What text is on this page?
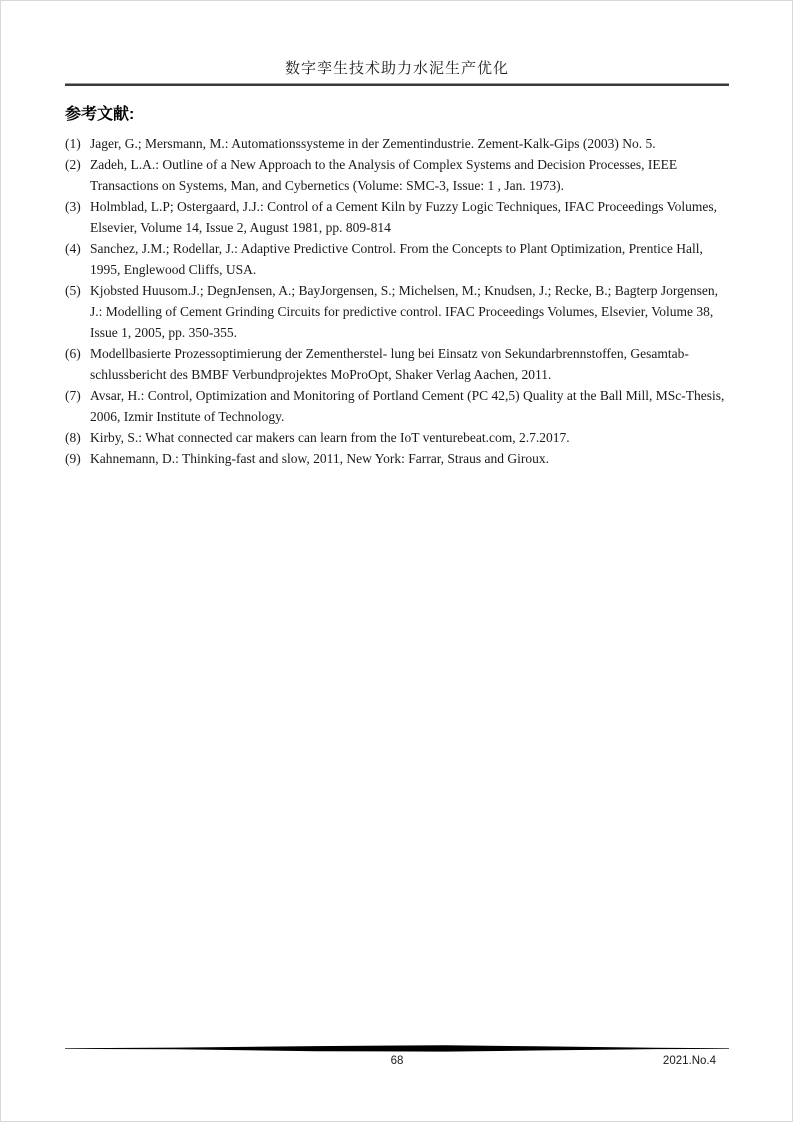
数字孪生技术助力水泥生产优化
参考文献:
(1) Jager, G.; Mersmann, M.: Automationssysteme in der Zementindustrie. Zement-Kalk-Gips (2003) No. 5.
(2) Zadeh, L.A.: Outline of a New Approach to the Analysis of Complex Systems and Decision Processes, IEEE Transactions on Systems, Man, and Cybernetics (Volume: SMC-3, Issue: 1 , Jan. 1973).
(3) Holmblad, L.P; Ostergaard, J.J.: Control of a Cement Kiln by Fuzzy Logic Techniques, IFAC Proceedings Volumes, Elsevier, Volume 14, Issue 2, August 1981, pp. 809-814
(4) Sanchez, J.M.; Rodellar, J.: Adaptive Predictive Control. From the Concepts to Plant Optimization, Prentice Hall, 1995, Englewood Cliffs, USA.
(5) Kjobsted Huusom.J.; DegnJensen, A.; BayJorgensen, S.; Michelsen, M.; Knudsen, J.; Recke, B.; Bagterp Jorgensen, J.: Modelling of Cement Grinding Circuits for predictive control. IFAC Proceedings Volumes, Elsevier, Volume 38, Issue 1, 2005, pp. 350-355.
(6) Modellbasierte Prozessoptimierung der Zementherstel- lung bei Einsatz von Sekundarbrennstoffen, Gesamtab-schlussbericht des BMBF Verbundprojektes MoProOpt, Shaker Verlag Aachen, 2011.
(7) Avsar, H.: Control, Optimization and Monitoring of Portland Cement (PC 42,5) Quality at the Ball Mill, MSc-Thesis, 2006, Izmir Institute of Technology.
(8) Kirby, S.: What connected car makers can learn from the IoT venturebeat.com, 2.7.2017.
(9) Kahnemann, D.: Thinking-fast and slow, 2011, New York: Farrar, Straus and Giroux.
68	2021.No.4
